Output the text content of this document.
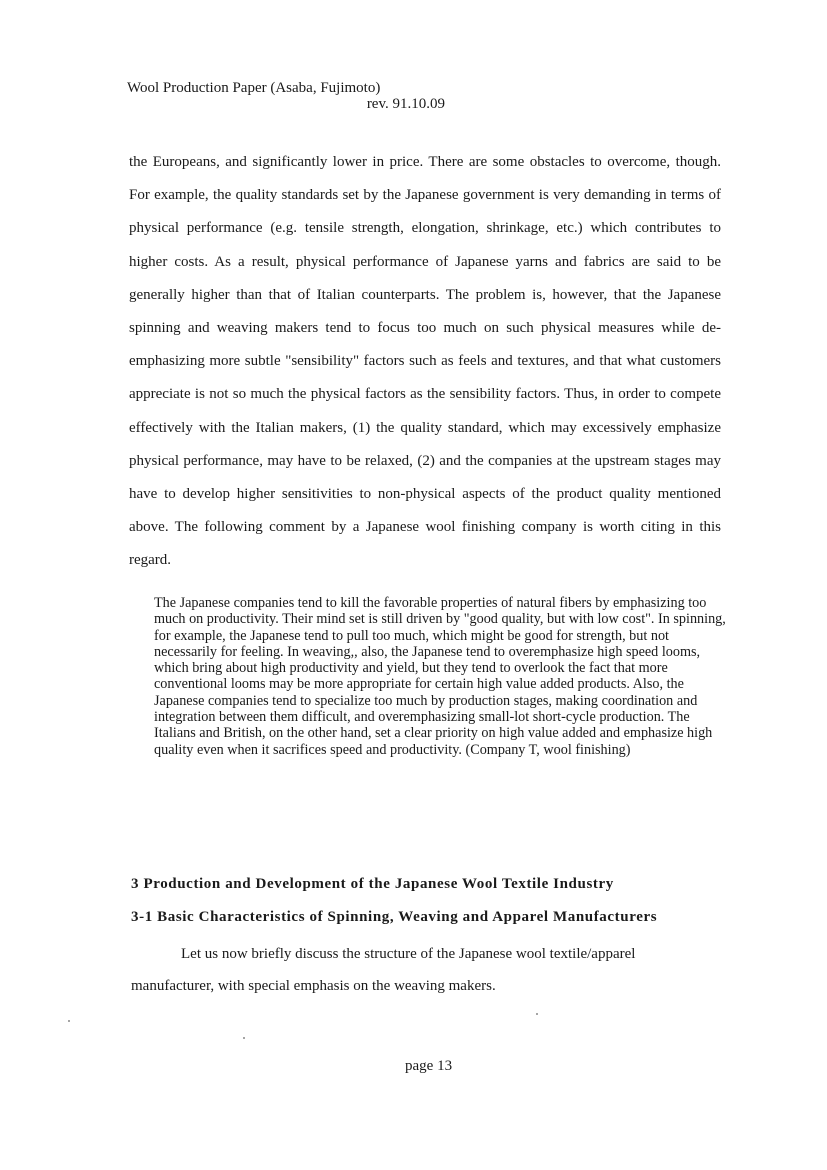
Wool Production Paper (Asaba, Fujimoto)
rev. 91.10.09

the Europeans, and significantly lower in price. There are some obstacles to overcome, though. For example, the quality standards set by the Japanese government is very demanding in terms of physical performance (e.g. tensile strength, elongation, shrinkage, etc.) which contributes to higher costs. As a result, physical performance of Japanese yarns and fabrics are said to be generally higher than that of Italian counterparts. The problem is, however, that the Japanese spinning and weaving makers tend to focus too much on such physical measures while de-emphasizing more subtle "sensibility" factors such as feels and textures, and that what customers appreciate is not so much the physical factors as the sensibility factors. Thus, in order to compete effectively with the Italian makers, (1) the quality standard, which may excessively emphasize physical performance, may have to be relaxed, (2) and the companies at the upstream stages may have to develop higher sensitivities to non-physical aspects of the product quality mentioned above. The following comment by a Japanese wool finishing company is worth citing in this regard.

The Japanese companies tend to kill the favorable properties of natural fibers by emphasizing too much on productivity. Their mind set is still driven by "good quality, but with low cost". In spinning, for example, the Japanese tend to pull too much, which might be good for strength, but not necessarily for feeling. In weaving,, also, the Japanese tend to overemphasize high speed looms, which bring about high productivity and yield, but they tend to overlook the fact that more conventional looms may be more appropriate for certain high value added products. Also, the Japanese companies tend to specialize too much by production stages, making coordination and integration between them difficult, and overemphasizing small-lot short-cycle production. The Italians and British, on the other hand, set a clear priority on high value added and emphasize high quality even when it sacrifices speed and productivity. (Company T, wool finishing)

3 Production and Development of the Japanese Wool Textile Industry
3-1 Basic Characteristics of Spinning, Weaving and Apparel Manufacturers

Let us now briefly discuss the structure of the Japanese wool textile/apparel manufacturer, with special emphasis on the weaving makers.

page 13
